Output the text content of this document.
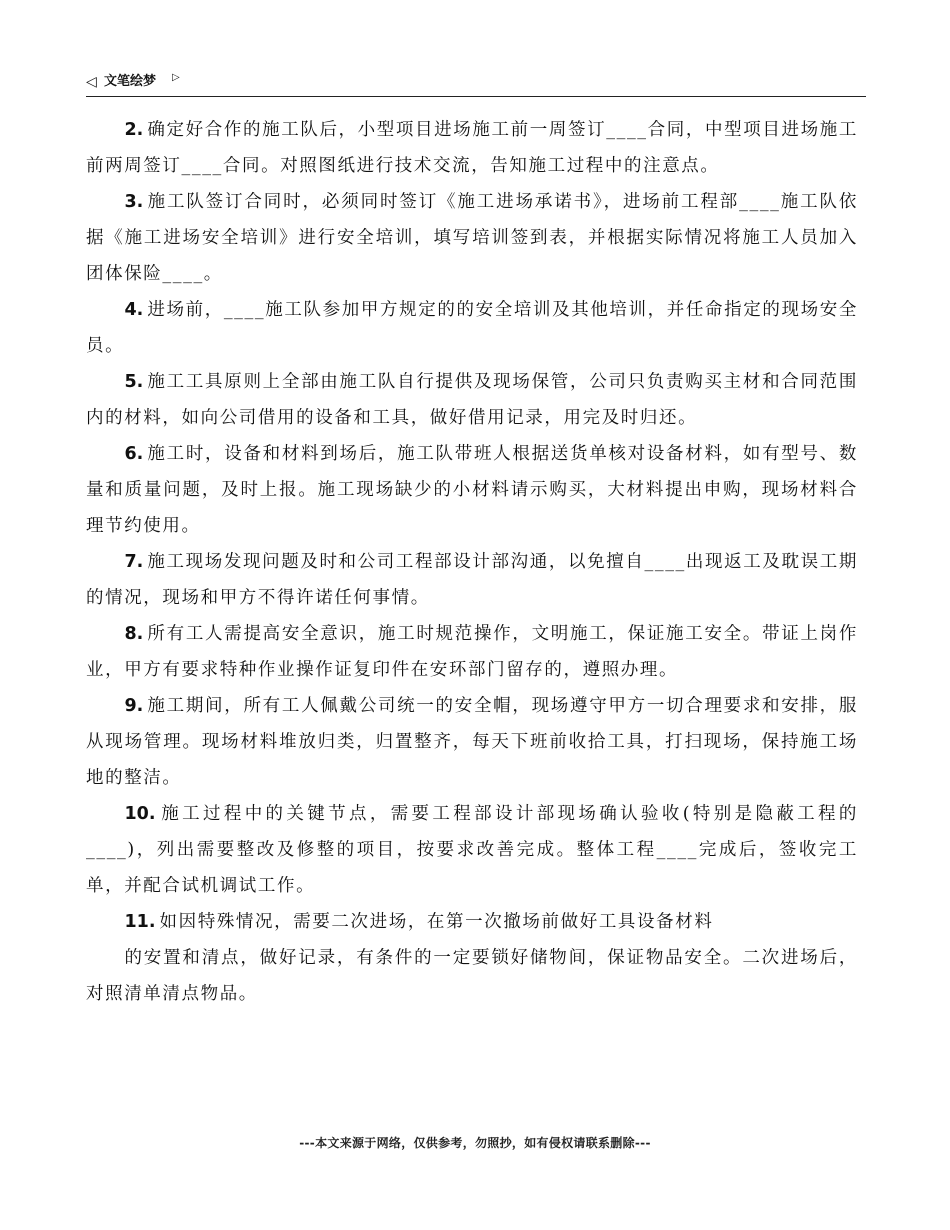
◁ 文笔绘梦 ▷

2. 确定好合作的施工队后，小型项目进场施工前一周签订____合同，中型项目进场施工前两周签订____合同。对照图纸进行技术交流，告知施工过程中的注意点。

3. 施工队签订合同时，必须同时签订《施工进场承诺书》，进场前工程部____施工队依据《施工进场安全培训》进行安全培训，填写培训签到表，并根据实际情况将施工人员加入团体保险____。

4. 进场前，____施工队参加甲方规定的的安全培训及其他培训，并任命指定的现场安全员。

5. 施工工具原则上全部由施工队自行提供及现场保管，公司只负责购买主材和合同范围内的材料，如向公司借用的设备和工具，做好借用记录，用完及时归还。

6. 施工时，设备和材料到场后，施工队带班人根据送货单核对设备材料，如有型号、数量和质量问题，及时上报。施工现场缺少的小材料请示购买，大材料提出申购，现场材料合理节约使用。

7. 施工现场发现问题及时和公司工程部设计部沟通，以免擅自____出现返工及耽误工期的情况，现场和甲方不得许诺任何事情。

8. 所有工人需提高安全意识，施工时规范操作，文明施工，保证施工安全。带证上岗作业，甲方有要求特种作业操作证复印件在安环部门留存的，遵照办理。

9. 施工期间，所有工人佩戴公司统一的安全帽，现场遵守甲方一切合理要求和安排，服从现场管理。现场材料堆放归类，归置整齐，每天下班前收拾工具，打扫现场，保持施工场地的整洁。

10. 施工过程中的关键节点，需要工程部设计部现场确认验收(特别是隐蔽工程的____)，列出需要整改及修整的项目，按要求改善完成。整体工程____完成后，签收完工单，并配合试机调试工作。

11. 如因特殊情况，需要二次进场，在第一次撤场前做好工具设备材料

的安置和清点，做好记录，有条件的一定要锁好储物间，保证物品安全。二次进场后，对照清单清点物品。

---本文来源于网络，仅供参考，勿照抄，如有侵权请联系删除---
